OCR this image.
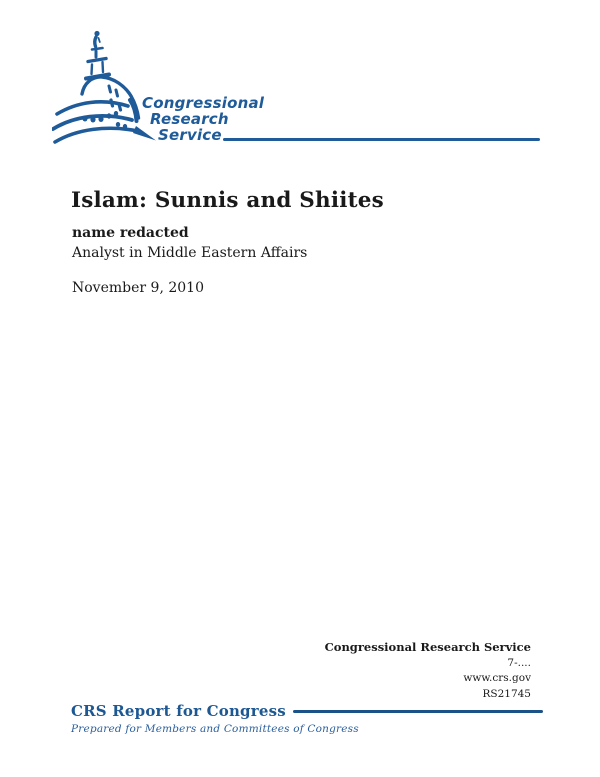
Congressional
Research
Service
Islam: Sunnis and Shiites
name redacted
Analyst in Middle Eastern Affairs
November 9, 2010
Congressional Research Service
7-....
www.crs.gov
RS21745
CRS Report for Congress
Prepared for Members and Committees of Congress
